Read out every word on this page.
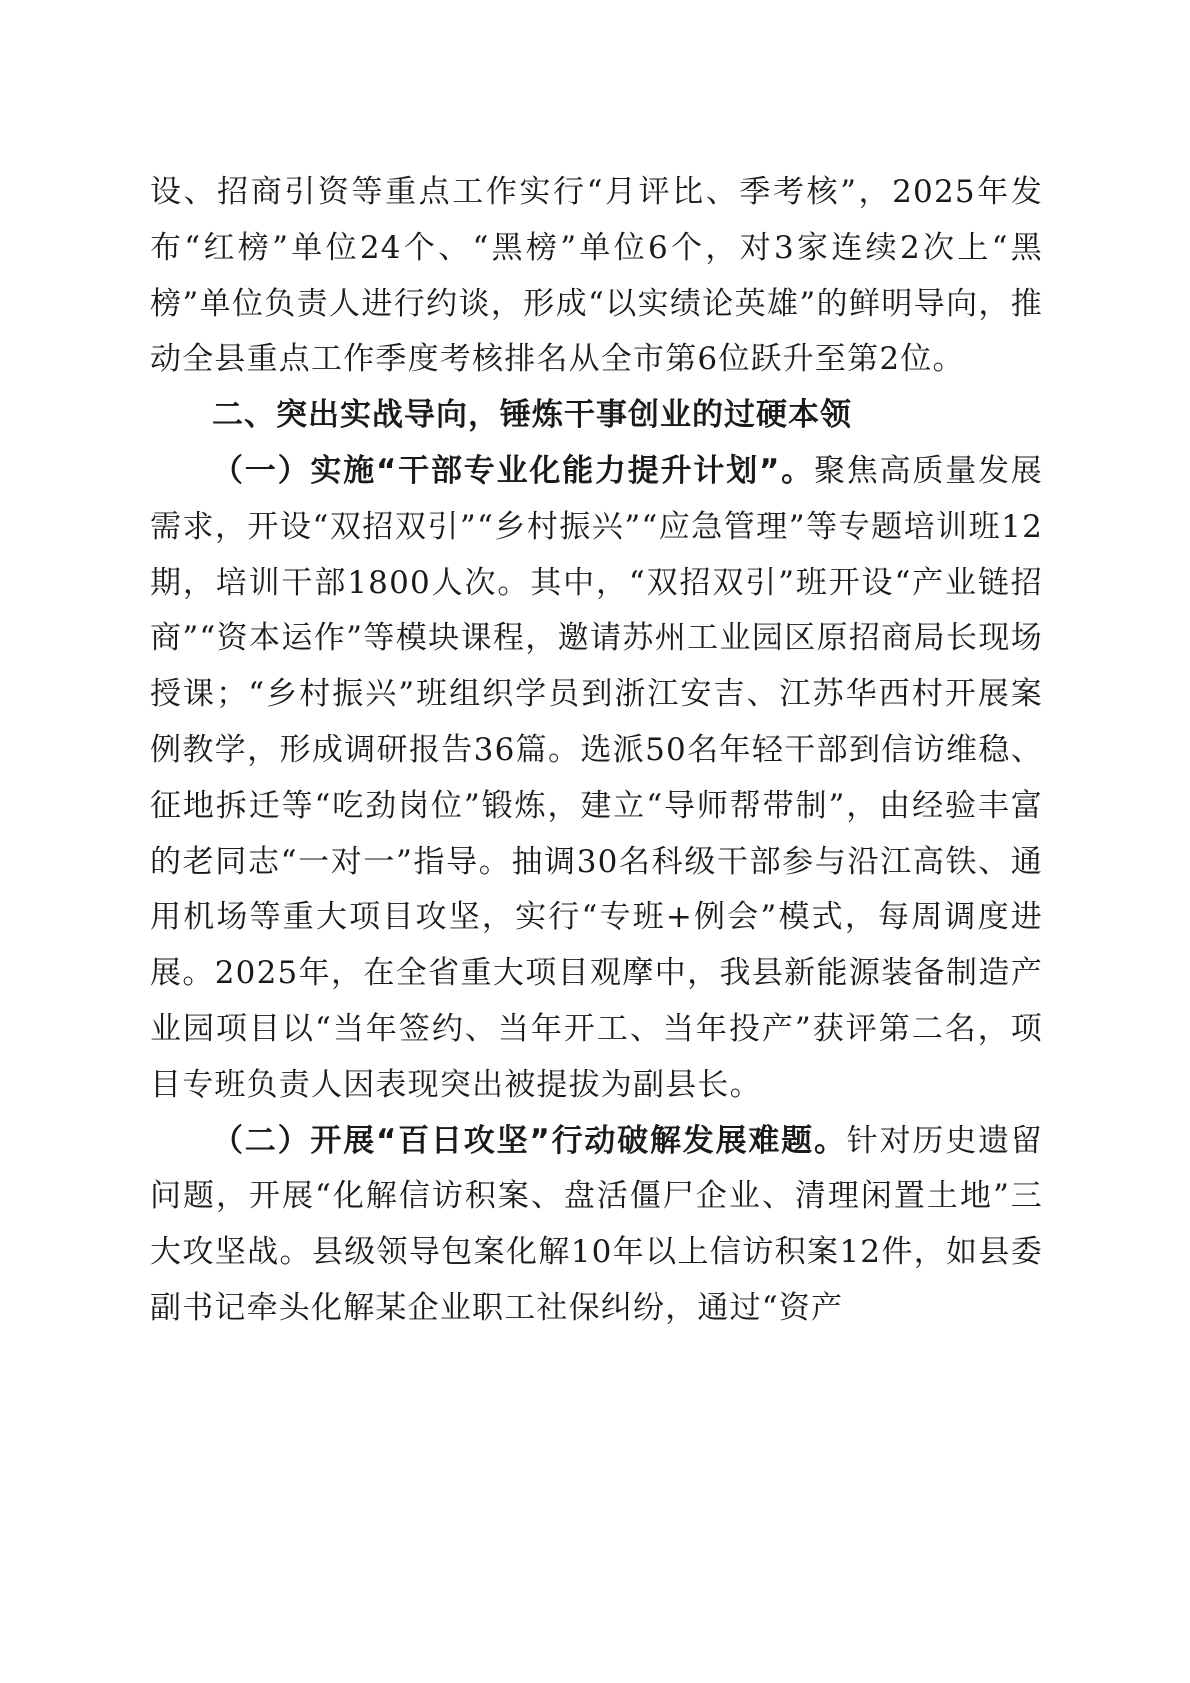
设、招商引资等重点工作实行“月评比、季考核”，2025年发布“红榜”单位24个、“黑榜”单位6个，对3家连续2次上“黑榜”单位负责人进行约谈，形成“以实绩论英雄”的鲜明导向，推动全县重点工作季度考核排名从全市第6位跃升至第2位。

二、突出实战导向，锤炼干事创业的过硬本领

（一）实施“干部专业化能力提升计划”。聚焦高质量发展需求，开设“双招双引”“乡村振兴”“应急管理”等专题培训班12期，培训干部1800人次。其中，“双招双引”班开设“产业链招商”“资本运作”等模块课程，邀请苏州工业园区原招商局长现场授课；“乡村振兴”班组织学员到浙江安吉、江苏华西村开展案例教学，形成调研报告36篇。选派50名年轻干部到信访维稳、征地拆迁等“吃劲岗位”锻炼，建立“导师帮带制”，由经验丰富的老同志“一对一”指导。抽调30名科级干部参与沿江高铁、通用机场等重大项目攻坚，实行“专班+例会”模式，每周调度进展。2025年，在全省重大项目观摩中，我县新能源装备制造产业园项目以“当年签约、当年开工、当年投产”获评第二名，项目专班负责人因表现突出被提拔为副县长。

（二）开展“百日攻坚”行动破解发展难题。针对历史遗留问题，开展“化解信访积案、盘活僵尸企业、清理闲置土地”三大攻坚战。县级领导包案化解10年以上信访积案12件，如县委副书记牵头化解某企业职工社保纠纷，通过“资产
